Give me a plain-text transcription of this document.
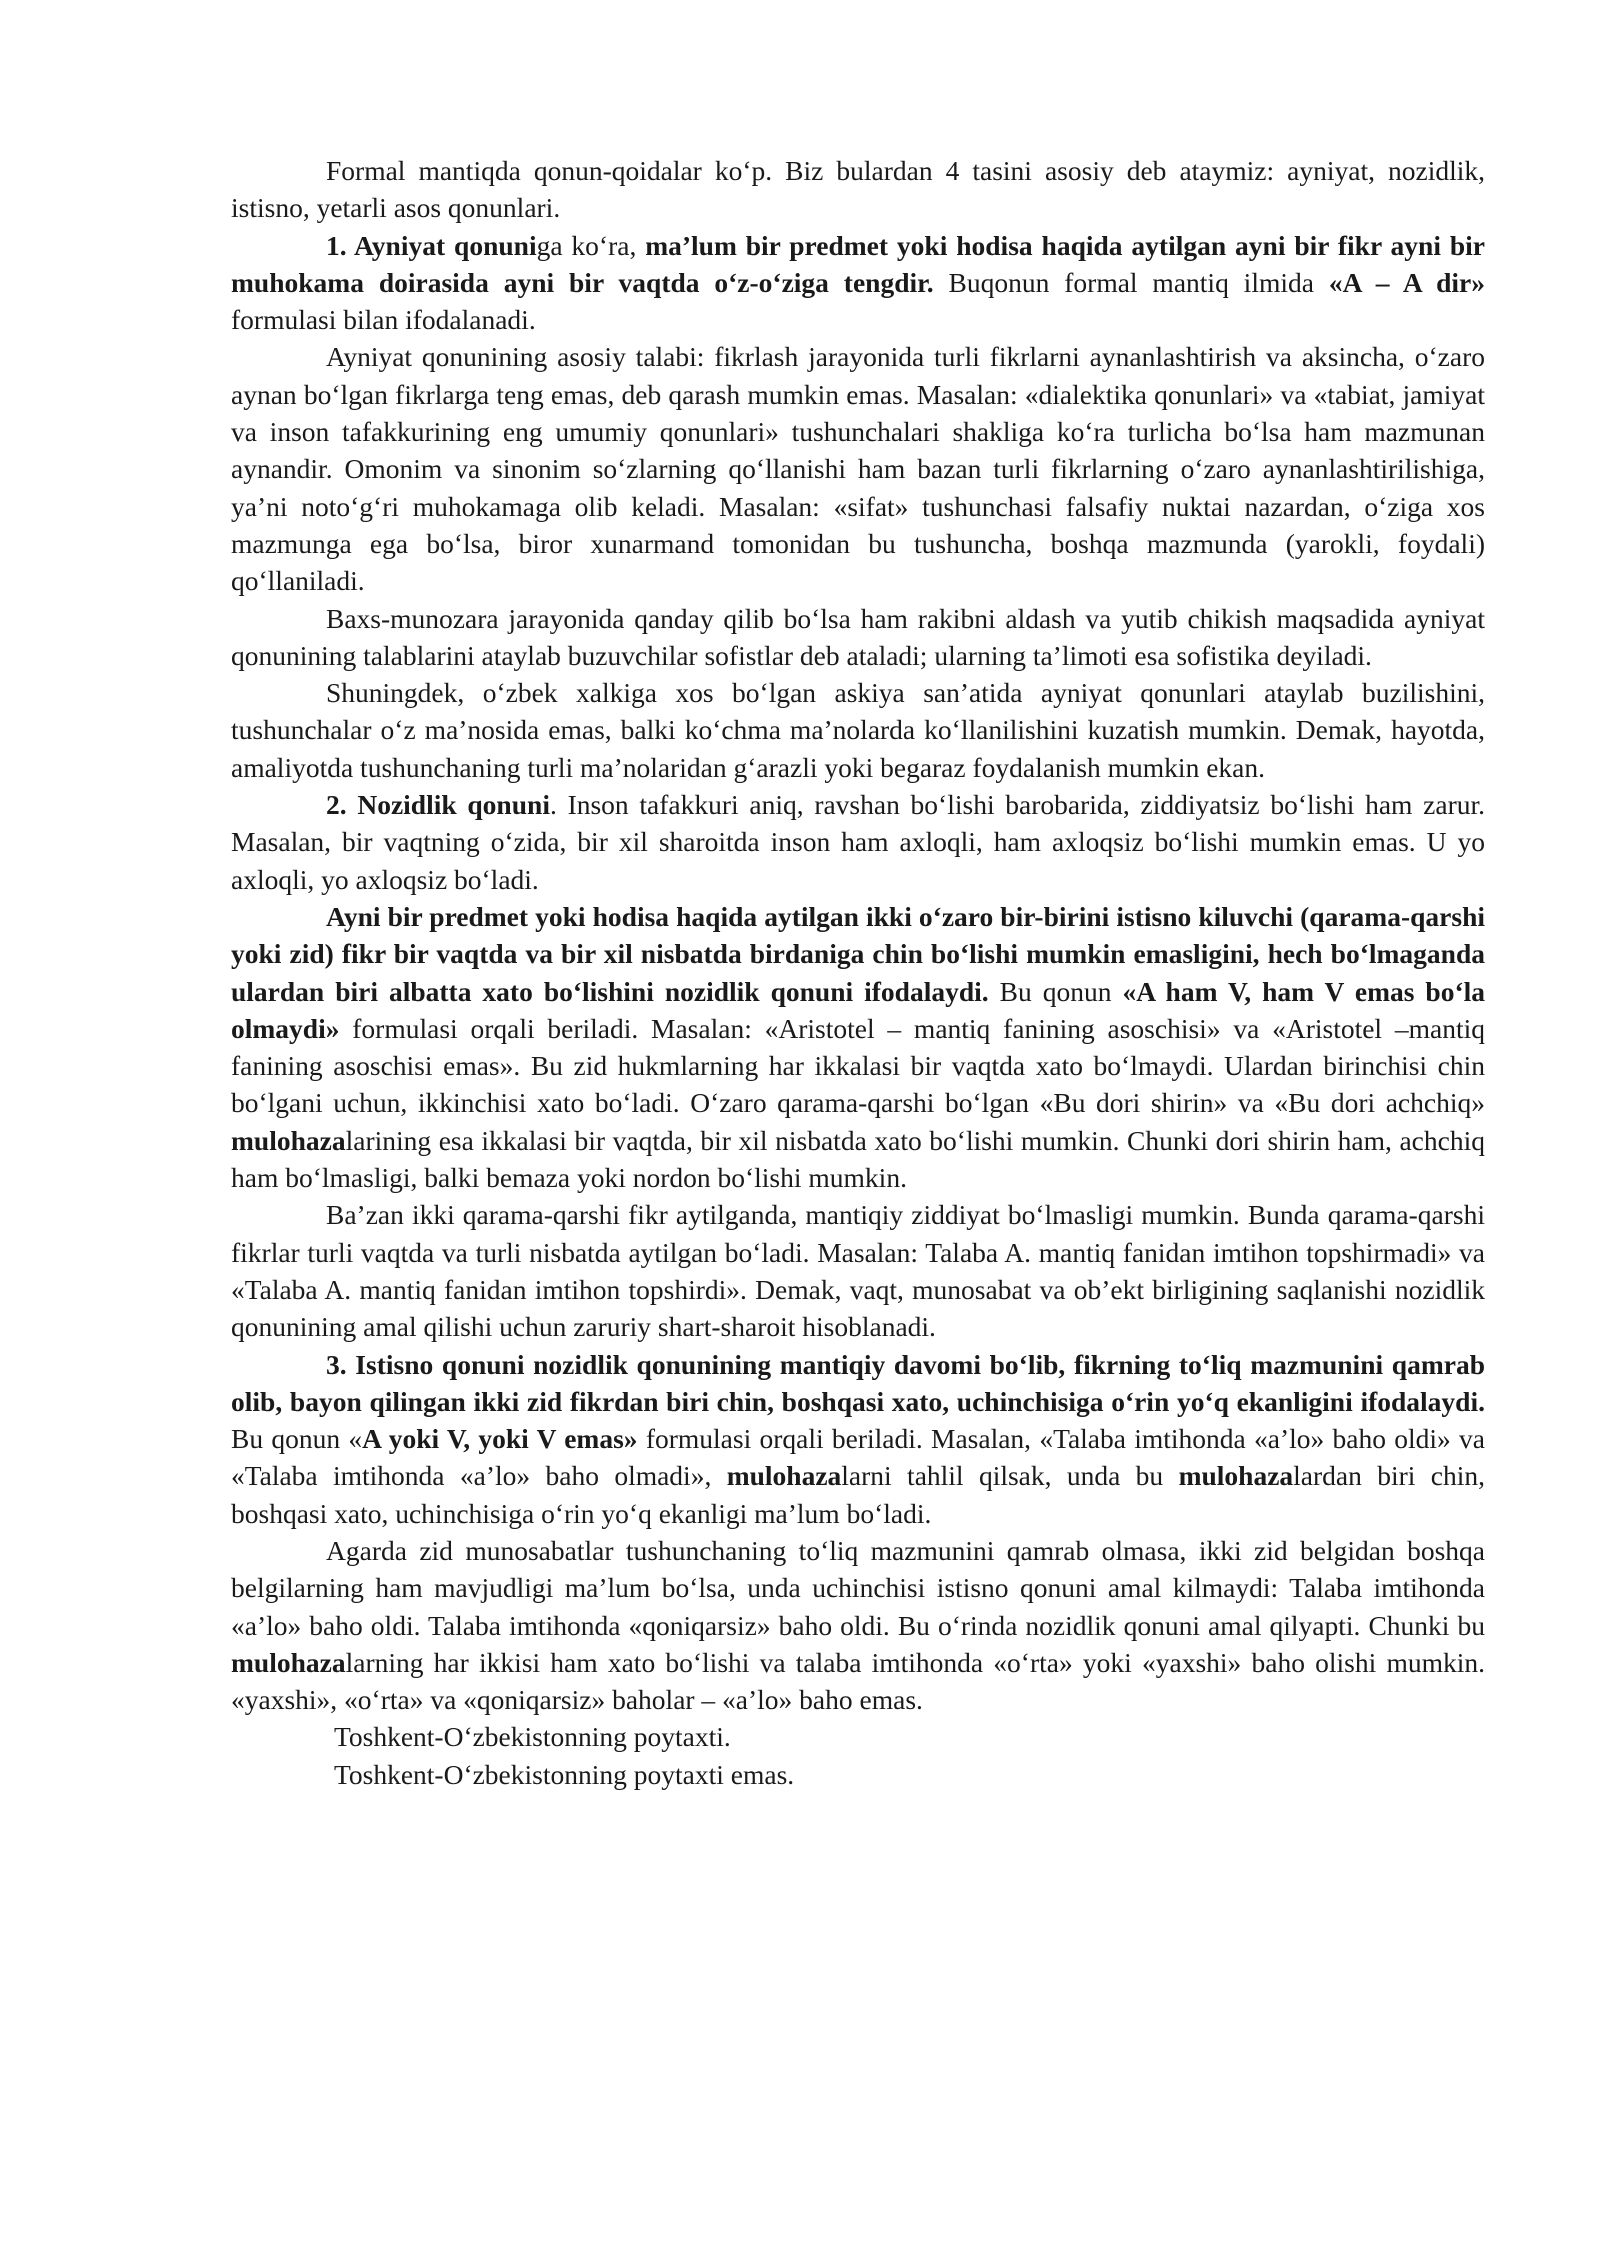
Formal mantiqda qonun-qoidalar ko‘p. Biz bulardan 4 tasini asosiy deb ataymiz: ayniyat, nozidlik, istisno, yetarli asos qonunlari.

1. Ayniyat qonuniga ko‘ra, ma’lum bir predmet yoki hodisa haqida aytilgan ayni bir fikr ayni bir muhokama doirasida ayni bir vaqtda o‘z-o‘ziga tengdir. Buqonun formal mantiq ilmida «A – A dir» formulasi bilan ifodalanadi.

Ayniyat qonunining asosiy talabi: fikrlash jarayonida turli fikrlarni aynanlashtirish va aksincha, o‘zaro aynan bo‘lgan fikrlarga teng emas, deb qarash mumkin emas. Masalan: «dialektika qonunlari» va «tabiat, jamiyat va inson tafakkurining eng umumiy qonunlari» tushunchalari shakliga ko‘ra turlicha bo‘lsa ham mazmunan aynandir. Omonim va sinonim so‘zlarning qo‘llanishi ham bazan turli fikrlarning o‘zaro aynanlashtirilishiga, ya’ni noto‘g‘ri muhokamaga olib keladi. Masalan: «sifat» tushunchasi falsafiy nuktai nazardan, o‘ziga xos mazmunga ega bo‘lsa, biror xunarmand tomonidan bu tushuncha, boshqa mazmunda (yarokli, foydali) qo‘llaniladi.

Baxs-munozara jarayonida qanday qilib bo‘lsa ham rakibni aldash va yutib chikish maqsadida ayniyat qonunining talablarini ataylab buzuvchilar sofistlar deb ataladi; ularning ta’limoti esa sofistika deyiladi.

Shuningdek, o‘zbek xalkiga xos bo‘lgan askiya san’atida ayniyat qonunlari ataylab buzilishini, tushunchalar o‘z ma’nosida emas, balki ko‘chma ma’nolarda ko‘llanilishini kuzatish mumkin. Demak, hayotda, amaliyotda tushunchaning turli ma’nolaridan g‘arazli yoki begaraz foydalanish mumkin ekan.

2. Nozidlik qonuni. Inson tafakkuri aniq, ravshan bo‘lishi barobarida, ziddiyatsiz bo‘lishi ham zarur. Masalan, bir vaqtning o‘zida, bir xil sharoitda inson ham axloqli, ham axloqsiz bo‘lishi mumkin emas. U yo axloqli, yo axloqsiz bo‘ladi.

Ayni bir predmet yoki hodisa haqida aytilgan ikki o‘zaro bir-birini istisno kiluvchi (qarama-qarshi yoki zid) fikr bir vaqtda va bir xil nisbatda birdaniga chin bo‘lishi mumkin emasligini, hech bo‘lmaganda ulardan biri albatta xato bo‘lishini nozidlik qonuni ifodalaydi. Bu qonun «A ham V, ham V emas bo‘la olmaydi» formulasi orqali beriladi. Masalan: «Aristotel – mantiq fanining asoschisi» va «Aristotel –mantiq fanining asoschisi emas». Bu zid hukmlarning har ikkalasi bir vaqtda xato bo‘lmaydi. Ulardan birinchisi chin bo‘lgani uchun, ikkinchisi xato bo‘ladi. O‘zaro qarama-qarshi bo‘lgan «Bu dori shirin» va «Bu dori achchiq» mulohazalarining esa ikkalasi bir vaqtda, bir xil nisbatda xato bo‘lishi mumkin. Chunki dori shirin ham, achchiq ham bo‘lmasligi, balki bemaza yoki nordon bo‘lishi mumkin.

Ba’zan ikki qarama-qarshi fikr aytilganda, mantiqiy ziddiyat bo‘lmasligi mumkin. Bunda qarama-qarshi fikrlar turli vaqtda va turli nisbatda aytilgan bo‘ladi. Masalan: Talaba A. mantiq fanidan imtihon topshirmadi» va «Talaba A. mantiq fanidan imtihon topshirdi». Demak, vaqt, munosabat va ob’ekt birligining saqlanishi nozidlik qonunining amal qilishi uchun zaruriy shart-sharoit hisoblanadi.

3. Istisno qonuni nozidlik qonunining mantiqiy davomi bo‘lib, fikrning to‘liq mazmunini qamrab olib, bayon qilingan ikki zid fikrdan biri chin, boshqasi xato, uchinchisiga o‘rin yo‘q ekanligini ifodalaydi. Bu qonun «A yoki V, yoki V emas» formulasi orqali beriladi. Masalan, «Talaba imtihonda «a’lo» baho oldi» va «Talaba imtihonda «a’lo» baho olmadi», mulohazalarni tahlil qilsak, unda bu mulohazalardan biri chin, boshqasi xato, uchinchisiga o‘rin yo‘q ekanligi ma’lum bo‘ladi.

Agarda zid munosabatlar tushunchaning to‘liq mazmunini qamrab olmasa, ikki zid belgidan boshqa belgilarning ham mavjudligi ma’lum bo‘lsa, unda uchinchisi istisno qonuni amal kilmaydi: Talaba imtihonda «a’lo» baho oldi. Talaba imtihonda «qoniqarsiz» baho oldi. Bu o‘rinda nozidlik qonuni amal qilyapti. Chunki bu mulohazalarning har ikkisi ham xato bo‘lishi va talaba imtihonda «o‘rta» yoki «yaxshi» baho olishi mumkin. «yaxshi», «o‘rta» va «qoniqarsiz» baholar – «a’lo» baho emas.

Toshkent-O‘zbekistonning poytaxti.

Toshkent-O‘zbekistonning poytaxti emas.
